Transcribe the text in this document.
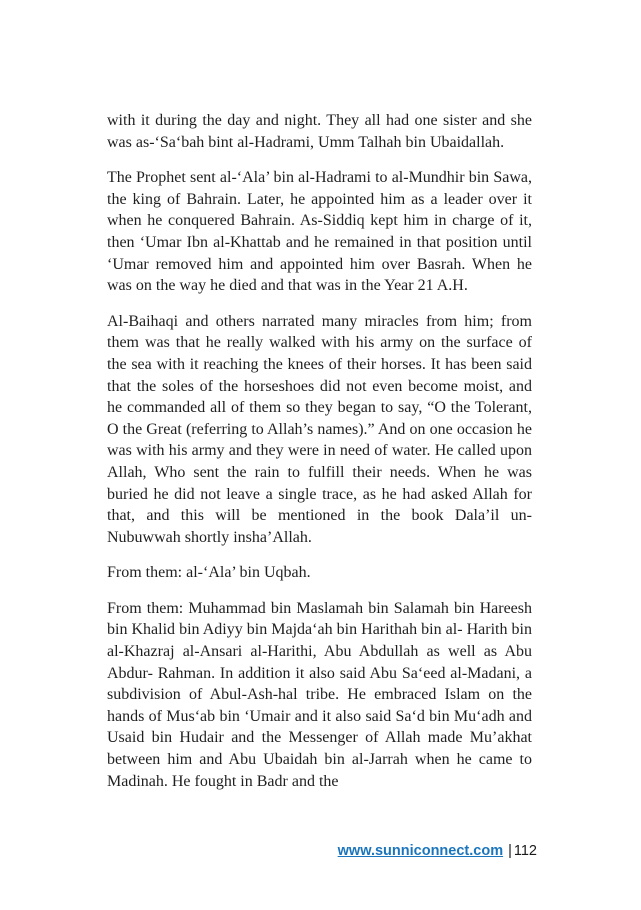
with it during the day and night. They all had one sister and she was as-‘Sa‘bah bint al-Hadrami, Umm Talhah bin Ubaidallah.

The Prophet sent al-‘Ala’ bin al-Hadrami to al-Mundhir bin Sawa, the king of Bahrain. Later, he appointed him as a leader over it when he conquered Bahrain. As-Siddiq kept him in charge of it, then ‘Umar Ibn al-Khattab and he remained in that position until ‘Umar removed him and appointed him over Basrah. When he was on the way he died and that was in the Year 21 A.H.

Al-Baihaqi and others narrated many miracles from him; from them was that he really walked with his army on the surface of the sea with it reaching the knees of their horses. It has been said that the soles of the horseshoes did not even become moist, and he commanded all of them so they began to say, “O the Tolerant, O the Great (referring to Allah’s names).” And on one occasion he was with his army and they were in need of water. He called upon Allah, Who sent the rain to fulfill their needs. When he was buried he did not leave a single trace, as he had asked Allah for that, and this will be mentioned in the book Dala’il un-Nubuwwah shortly insha’Allah.

From them: al-‘Ala’ bin Uqbah.

From them: Muhammad bin Maslamah bin Salamah bin Hareesh bin Khalid bin Adiyy bin Majda‘ah bin Harithah bin al- Harith bin al-Khazraj al-Ansari al-Harithi, Abu Abdullah as well as Abu Abdur- Rahman. In addition it also said Abu Sa‘eed al-Madani, a subdivision of Abul-Ash-hal tribe. He embraced Islam on the hands of Mus‘ab bin ‘Umair and it also said Sa‘d bin Mu‘adh and Usaid bin Hudair and the Messenger of Allah made Mu’akhat between him and Abu Ubaidah bin al-Jarrah when he came to Madinah. He fought in Badr and the

www.sunniconnect.com | 112
